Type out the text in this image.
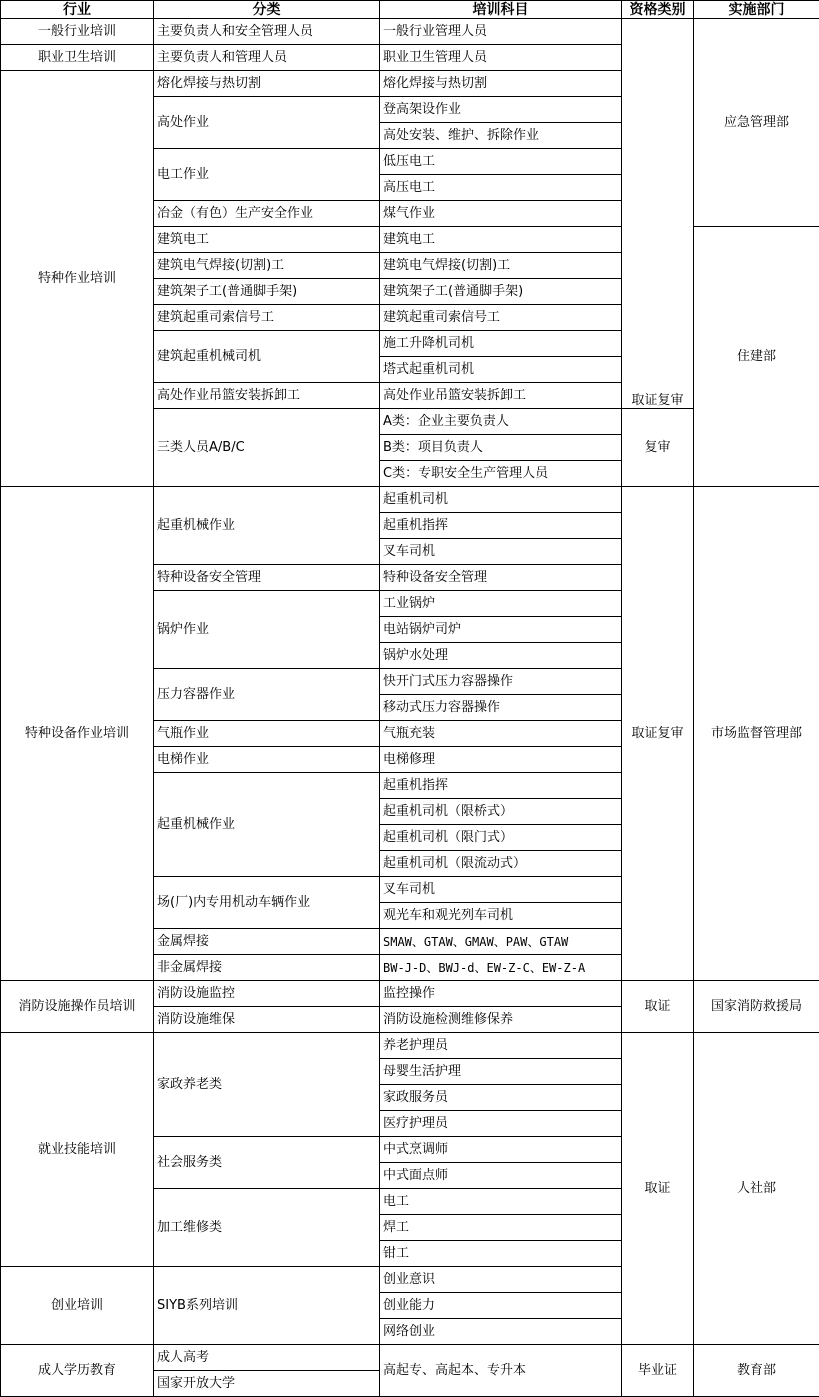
行业	分类	培训科目	资格类别	实施部门
一般行业培训	主要负责人和安全管理人员	一般行业管理人员	取证复审	应急管理部
职业卫生培训	主要负责人和管理人员	职业卫生管理人员		
特种作业培训	熔化焊接与热切割	熔化焊接与热切割		
	高处作业	登高架设作业		
		高处安装、维护、拆除作业		
	电工作业	低压电工		
		高压电工		
	冶金（有色）生产安全作业	煤气作业		
	建筑电工	建筑电工		住建部
	建筑电气焊接(切割)工	建筑电气焊接(切割)工		
	建筑架子工(普通脚手架)	建筑架子工(普通脚手架)		
	建筑起重司索信号工	建筑起重司索信号工		
	建筑起重机械司机	施工升降机司机		
		塔式起重机司机		
	高处作业吊篮安装拆卸工	高处作业吊篮安装拆卸工		
	三类人员A/B/C	A类：企业主要负责人	复审	
		B类：项目负责人		
		C类：专职安全生产管理人员		
特种设备作业培训	起重机械作业	起重机司机	取证复审	市场监督管理部
		起重机指挥		
		叉车司机		
	特种设备安全管理	特种设备安全管理		
	锅炉作业	工业锅炉		
		电站锅炉司炉		
		锅炉水处理		
	压力容器作业	快开门式压力容器操作		
		移动式压力容器操作		
	气瓶作业	气瓶充装		
	电梯作业	电梯修理		
	起重机械作业	起重机指挥		
		起重机司机（限桥式）		
		起重机司机（限门式）		
		起重机司机（限流动式）		
	场(厂)内专用机动车辆作业	叉车司机		
		观光车和观光列车司机		
	金属焊接	SMAW、GTAW、GMAW、PAW、GTAW		
	非金属焊接	BW-J-D、BWJ-d、EW-Z-C、EW-Z-A		
消防设施操作员培训	消防设施监控	监控操作	取证	国家消防救援局
	消防设施维保	消防设施检测维修保养		
就业技能培训	家政养老类	养老护理员	取证	人社部
		母婴生活护理		
		家政服务员		
		医疗护理员		
	社会服务类	中式烹调师		
		中式面点师		
	加工维修类	电工		
		焊工		
		钳工		
创业培训	SIYB系列培训	创业意识		
		创业能力		
		网络创业		
成人学历教育	成人高考	高起专、高起本、专升本	毕业证	教育部
	国家开放大学			
